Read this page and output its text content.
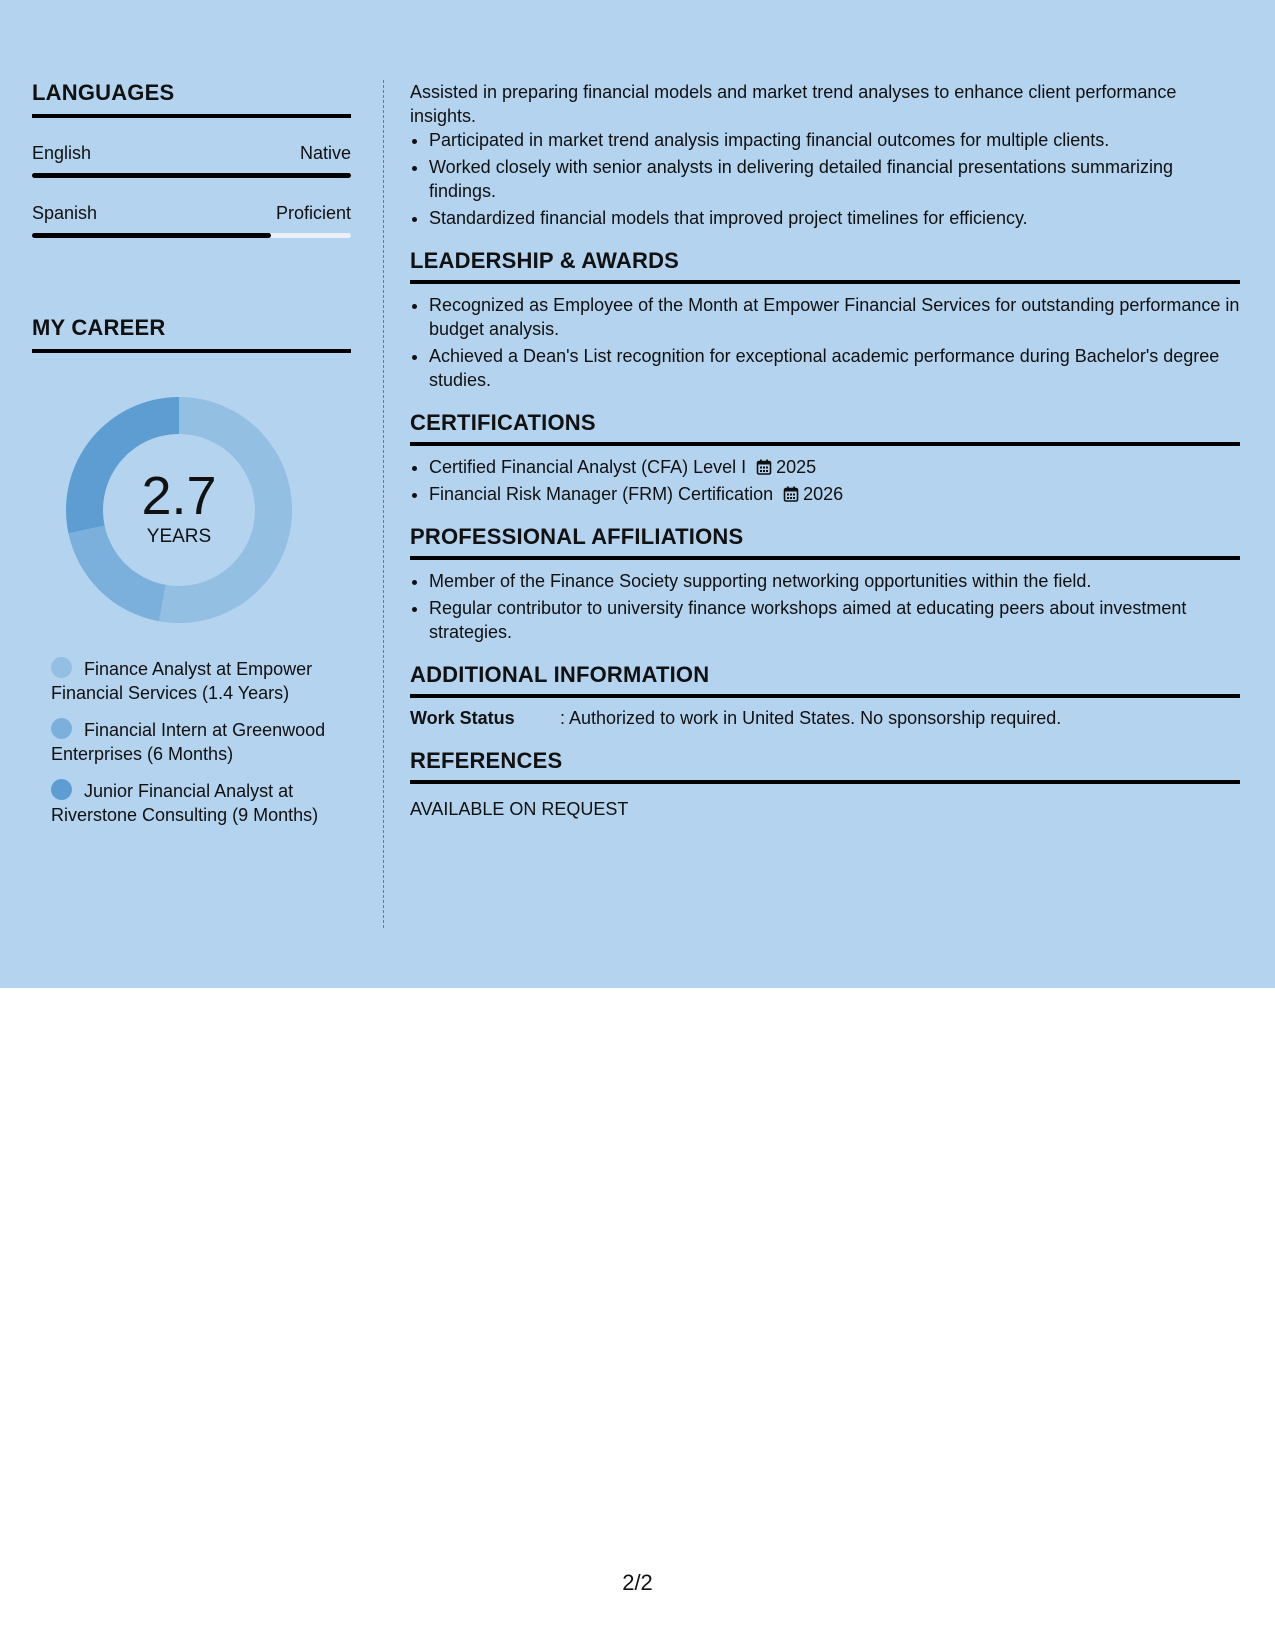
LANGUAGES
English	Native
Spanish	Proficient
MY CAREER
2.7
YEARS
Finance Analyst at Empower Financial Services (1.4 Years)
Financial Intern at Greenwood Enterprises (6 Months)
Junior Financial Analyst at Riverstone Consulting (9 Months)

Assisted in preparing financial models and market trend analyses to enhance client performance insights.

• Participated in market trend analysis impacting financial outcomes for multiple clients.
• Worked closely with senior analysts in delivering detailed financial presentations summarizing findings.
• Standardized financial models that improved project timelines for efficiency.
LEADERSHIP & AWARDS
• Recognized as Employee of the Month at Empower Financial Services for outstanding performance in budget analysis.
• Achieved a Dean's List recognition for exceptional academic performance during Bachelor's degree studies.
CERTIFICATIONS
• Certified Financial Analyst (CFA) Level I 2025
• Financial Risk Manager (FRM) Certification 2026
PROFESSIONAL AFFILIATIONS
• Member of the Finance Society supporting networking opportunities within the field.
• Regular contributor to university finance workshops aimed at educating peers about investment strategies.
ADDITIONAL INFORMATION
Work Status	: Authorized to work in United States. No sponsorship required.
REFERENCES
AVAILABLE ON REQUEST
2/2
